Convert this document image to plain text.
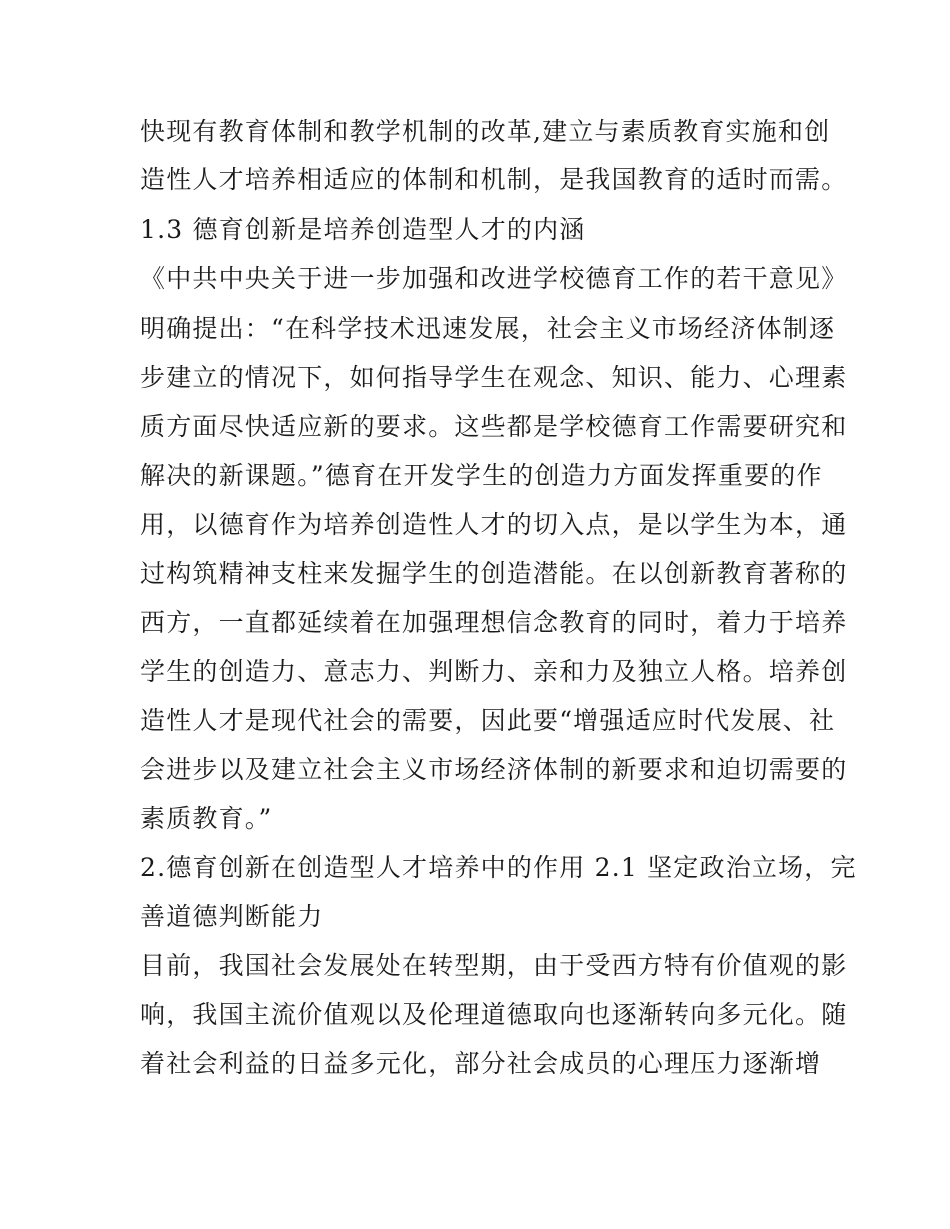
快现有教育体制和教学机制的改革,建立与素质教育实施和创
造性人才培养相适应的体制和机制，是我国教育的适时而需。
1.3 德育创新是培养创造型人才的内涵
《中共中央关于进一步加强和改进学校德育工作的若干意见》
明确提出：“在科学技术迅速发展，社会主义市场经济体制逐
步建立的情况下，如何指导学生在观念、知识、能力、心理素
质方面尽快适应新的要求。这些都是学校德育工作需要研究和
解决的新课题。”德育在开发学生的创造力方面发挥重要的作
用，以德育作为培养创造性人才的切入点，是以学生为本，通
过构筑精神支柱来发掘学生的创造潜能。在以创新教育著称的
西方，一直都延续着在加强理想信念教育的同时，着力于培养
学生的创造力、意志力、判断力、亲和力及独立人格。培养创
造性人才是现代社会的需要，因此要“增强适应时代发展、社
会进步以及建立社会主义市场经济体制的新要求和迫切需要的
素质教育。”
2.德育创新在创造型人才培养中的作用 2.1 坚定政治立场，完
善道德判断能力
目前，我国社会发展处在转型期，由于受西方特有价值观的影
响，我国主流价值观以及伦理道德取向也逐渐转向多元化。随
着社会利益的日益多元化，部分社会成员的心理压力逐渐增
